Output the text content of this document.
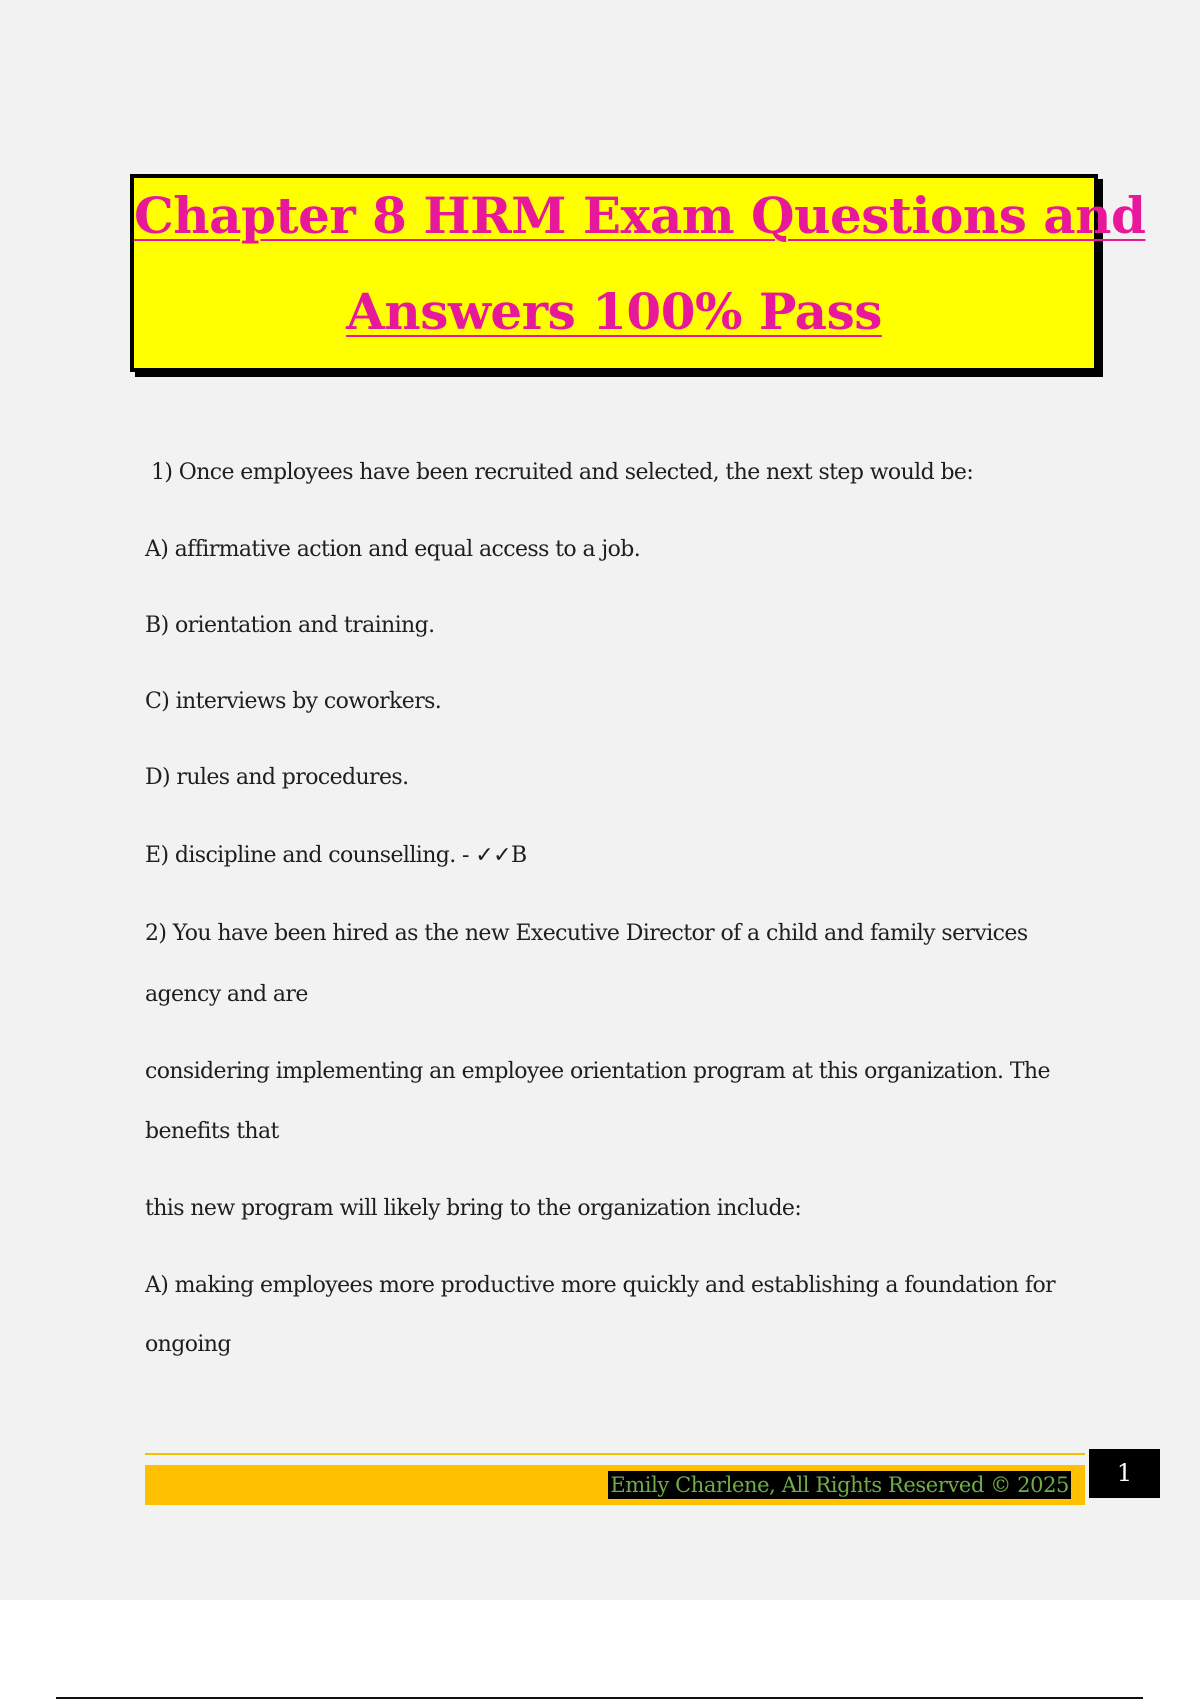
Chapter 8 HRM Exam Questions and
Answers 100% Pass
1) Once employees have been recruited and selected, the next step would be:
A) affirmative action and equal access to a job.
B) orientation and training.
C) interviews by coworkers.
D) rules and procedures.
E) discipline and counselling. - ✓✓B
2) You have been hired as the new Executive Director of a child and family services
agency and are
considering implementing an employee orientation program at this organization. The
benefits that
this new program will likely bring to the organization include:
A) making employees more productive more quickly and establishing a foundation for
ongoing
Emily Charlene, All Rights Reserved © 2025	1
